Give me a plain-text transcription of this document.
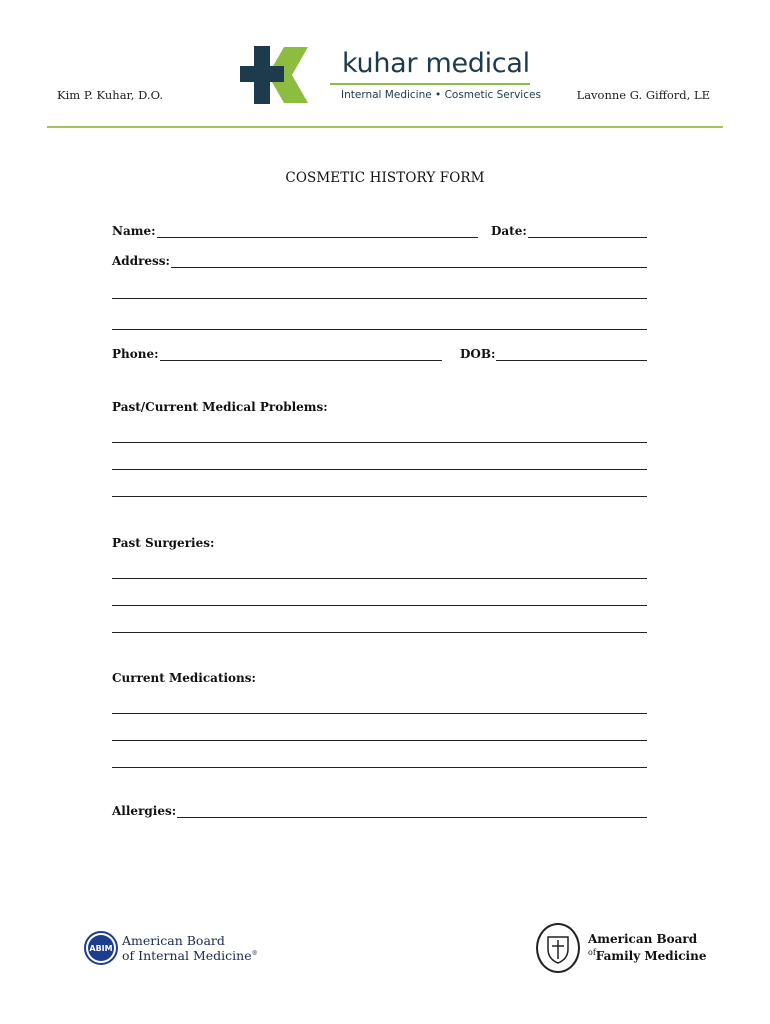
Kim P. Kuhar, D.O.
kuhar medical
Internal Medicine • Cosmetic Services	Lavonne G. Gifford, LE
COSMETIC HISTORY FORM
Name:	Date:
Address:
Phone:	DOB:
Past/Current Medical Problems:
Past Surgeries:
Current Medications:
Allergies:
ABIM
American Board
of Internal Medicine®
American Board
$^{of}$Family Medicine
